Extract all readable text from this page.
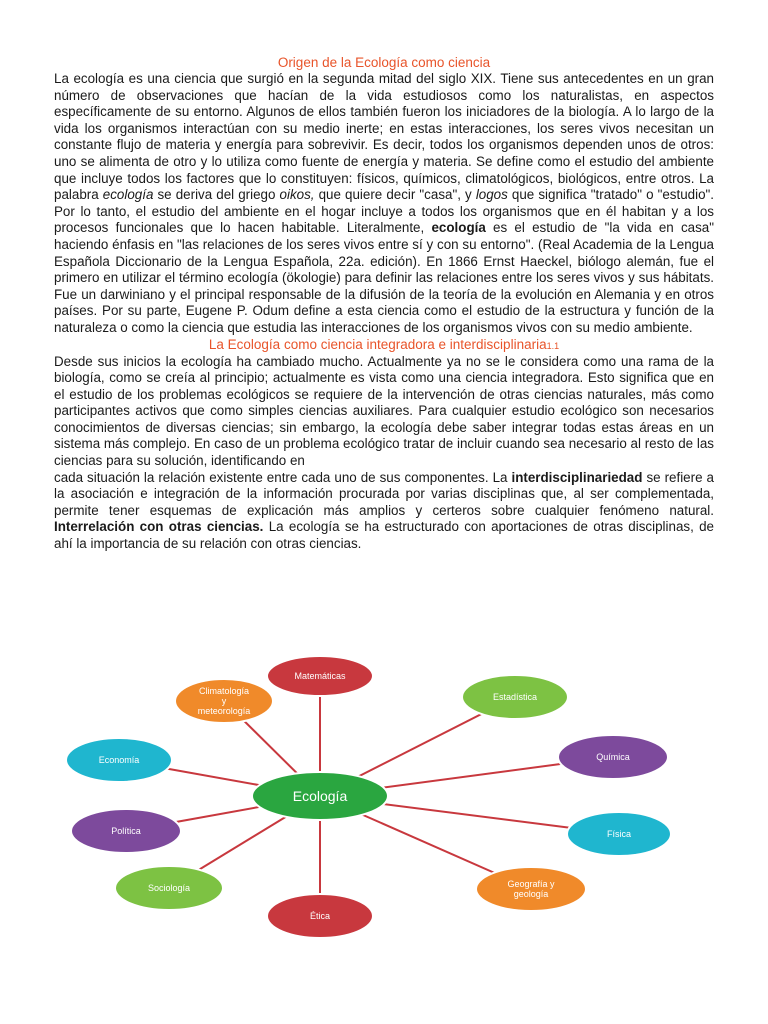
Origen de la Ecología como ciencia

La ecología es una ciencia que surgió en la segunda mitad del siglo XIX. Tiene sus antecedentes en un gran número de observaciones que hacían de la vida estudiosos como los naturalistas, en aspectos específicamente de su entorno. Algunos de ellos también fueron los iniciadores de la biología. A lo largo de la vida los organismos interactúan con su medio inerte; en estas interacciones, los seres vivos necesitan un constante flujo de materia y energía para sobrevivir. Es decir, todos los organismos dependen unos de otros: uno se alimenta de otro y lo utiliza como fuente de energía y materia. Se define como el estudio del ambiente que incluye todos los factores que lo constituyen: físicos, químicos, climatológicos, biológicos, entre otros. La palabra ecología se deriva del griego oikos, que quiere decir "casa", y logos que significa "tratado" o "estudio". Por lo tanto, el estudio del ambiente en el hogar incluye a todos los organismos que en él habitan y a los procesos funcionales que lo hacen habitable. Literalmente, ecología es el estudio de "la vida en casa" haciendo énfasis en "las relaciones de los seres vivos entre sí y con su entorno". (Real Academia de la Lengua Española Diccionario de la Lengua Española, 22a. edición). En 1866 Ernst Haeckel, biólogo alemán, fue el primero en utilizar el término ecología (ökologie) para definir las relaciones entre los seres vivos y sus hábitats. Fue un darwiniano y el principal responsable de la difusión de la teoría de la evolución en Alemania y en otros países. Por su parte, Eugene P. Odum define a esta ciencia como el estudio de la estructura y función de la naturaleza o como la ciencia que estudia las interacciones de los organismos vivos con su medio ambiente.

La Ecología como ciencia integradora e interdisciplinaria1.1

Desde sus inicios la ecología ha cambiado mucho. Actualmente ya no se le considera como una rama de la biología, como se creía al principio; actualmente es vista como una ciencia integradora. Esto significa que en el estudio de los problemas ecológicos se requiere de la intervención de otras ciencias naturales, más como participantes activos que como simples ciencias auxiliares. Para cualquier estudio ecológico son necesarios conocimientos de diversas ciencias; sin embargo, la ecología debe saber integrar todas estas áreas en un sistema más complejo. En caso de un problema ecológico tratar de incluir cuando sea necesario al resto de las ciencias para su solución, identificando en

cada situación la relación existente entre cada uno de sus componentes. La interdisciplinariedad se refiere a la asociación e integración de la información procurada por varias disciplinas que, al ser complementada, permite tener esquemas de explicación más amplios y certeros sobre cualquier fenómeno natural. Interrelación con otras ciencias. La ecología se ha estructurado con aportaciones de otras disciplinas, de ahí la importancia de su relación con otras ciencias.

Matemáticas
Estadística
Química
Física
Geografía y
geología
Ética
Sociología
Política
Economía
Climatología
y
meteorología
Ecología
